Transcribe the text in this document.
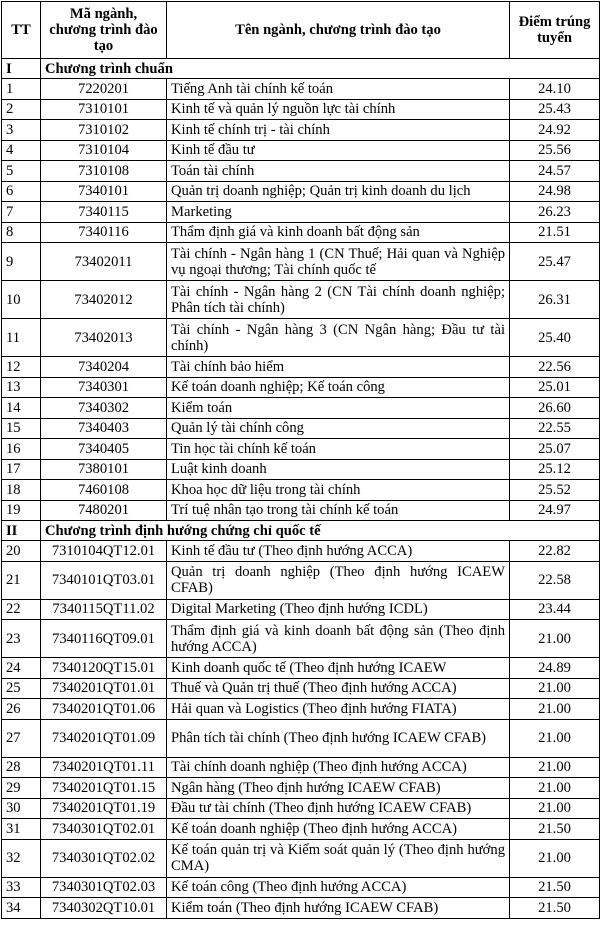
TT	Mã ngành, chương trình đào tạo	Tên ngành, chương trình đào tạo	Điểm trúng tuyển
I	Chương trình chuẩn		
1	7220201	Tiếng Anh tài chính kế toán	24.10
2	7310101	Kinh tế và quản lý nguồn lực tài chính	25.43
3	7310102	Kinh tế chính trị - tài chính	24.92
4	7310104	Kinh tế đầu tư	25.56
5	7310108	Toán tài chính	24.57
6	7340101	Quản trị doanh nghiệp; Quản trị kinh doanh du lịch	24.98
7	7340115	Marketing	26.23
8	7340116	Thẩm định giá và kinh doanh bất động sản	21.51
9	73402011	Tài chính - Ngân hàng 1 (CN Thuế; Hải quan và Nghiệp vụ ngoại thương; Tài chính quốc tế	25.47
10	73402012	Tài chính - Ngân hàng 2 (CN Tài chính doanh nghiệp; Phân tích tài chính)	26.31
11	73402013	Tài chính - Ngân hàng 3 (CN Ngân hàng; Đầu tư tài chính)	25.40
12	7340204	Tài chính bảo hiểm	22.56
13	7340301	Kế toán doanh nghiệp; Kế toán công	25.01
14	7340302	Kiểm toán	26.60
15	7340403	Quản lý tài chính công	22.55
16	7340405	Tin học tài chính kế toán	25.07
17	7380101	Luật kinh doanh	25.12
18	7460108	Khoa học dữ liệu trong tài chính	25.52
19	7480201	Trí tuệ nhân tạo trong tài chính kế toán	24.97
II	Chương trình định hướng chứng chỉ quốc tế		
20	7310104QT12.01	Kinh tế đầu tư (Theo định hướng ACCA)	22.82
21	7340101QT03.01	Quản trị doanh nghiệp (Theo định hướng ICAEW CFAB)	22.58
22	7340115QT11.02	Digital Marketing (Theo định hướng ICDL)	23.44
23	7340116QT09.01	Thẩm định giá và kinh doanh bất động sản (Theo định hướng ACCA)	21.00
24	7340120QT15.01	Kinh doanh quốc tế (Theo định hướng ICAEW	24.89
25	7340201QT01.01	Thuế và Quản trị thuế (Theo định hướng ACCA)	21.00
26	7340201QT01.06	Hải quan và Logistics (Theo định hướng FIATA)	21.00
27	7340201QT01.09	Phân tích tài chính (Theo định hướng ICAEW CFAB)	21.00
28	7340201QT01.11	Tài chính doanh nghiệp (Theo định hướng ACCA)	21.00
29	7340201QT01.15	Ngân hàng (Theo định hướng ICAEW CFAB)	21.00
30	7340201QT01.19	Đầu tư tài chính (Theo định hướng ICAEW CFAB)	21.00
31	7340301QT02.01	Kế toán doanh nghiệp (Theo định hướng ACCA)	21.50
32	7340301QT02.02	Kế toán quản trị và Kiểm soát quản lý (Theo định hướng CMA)	21.00
33	7340301QT02.03	Kế toán công (Theo định hướng ACCA)	21.50
34	7340302QT10.01	Kiểm toán (Theo định hướng ICAEW CFAB)	21.50
